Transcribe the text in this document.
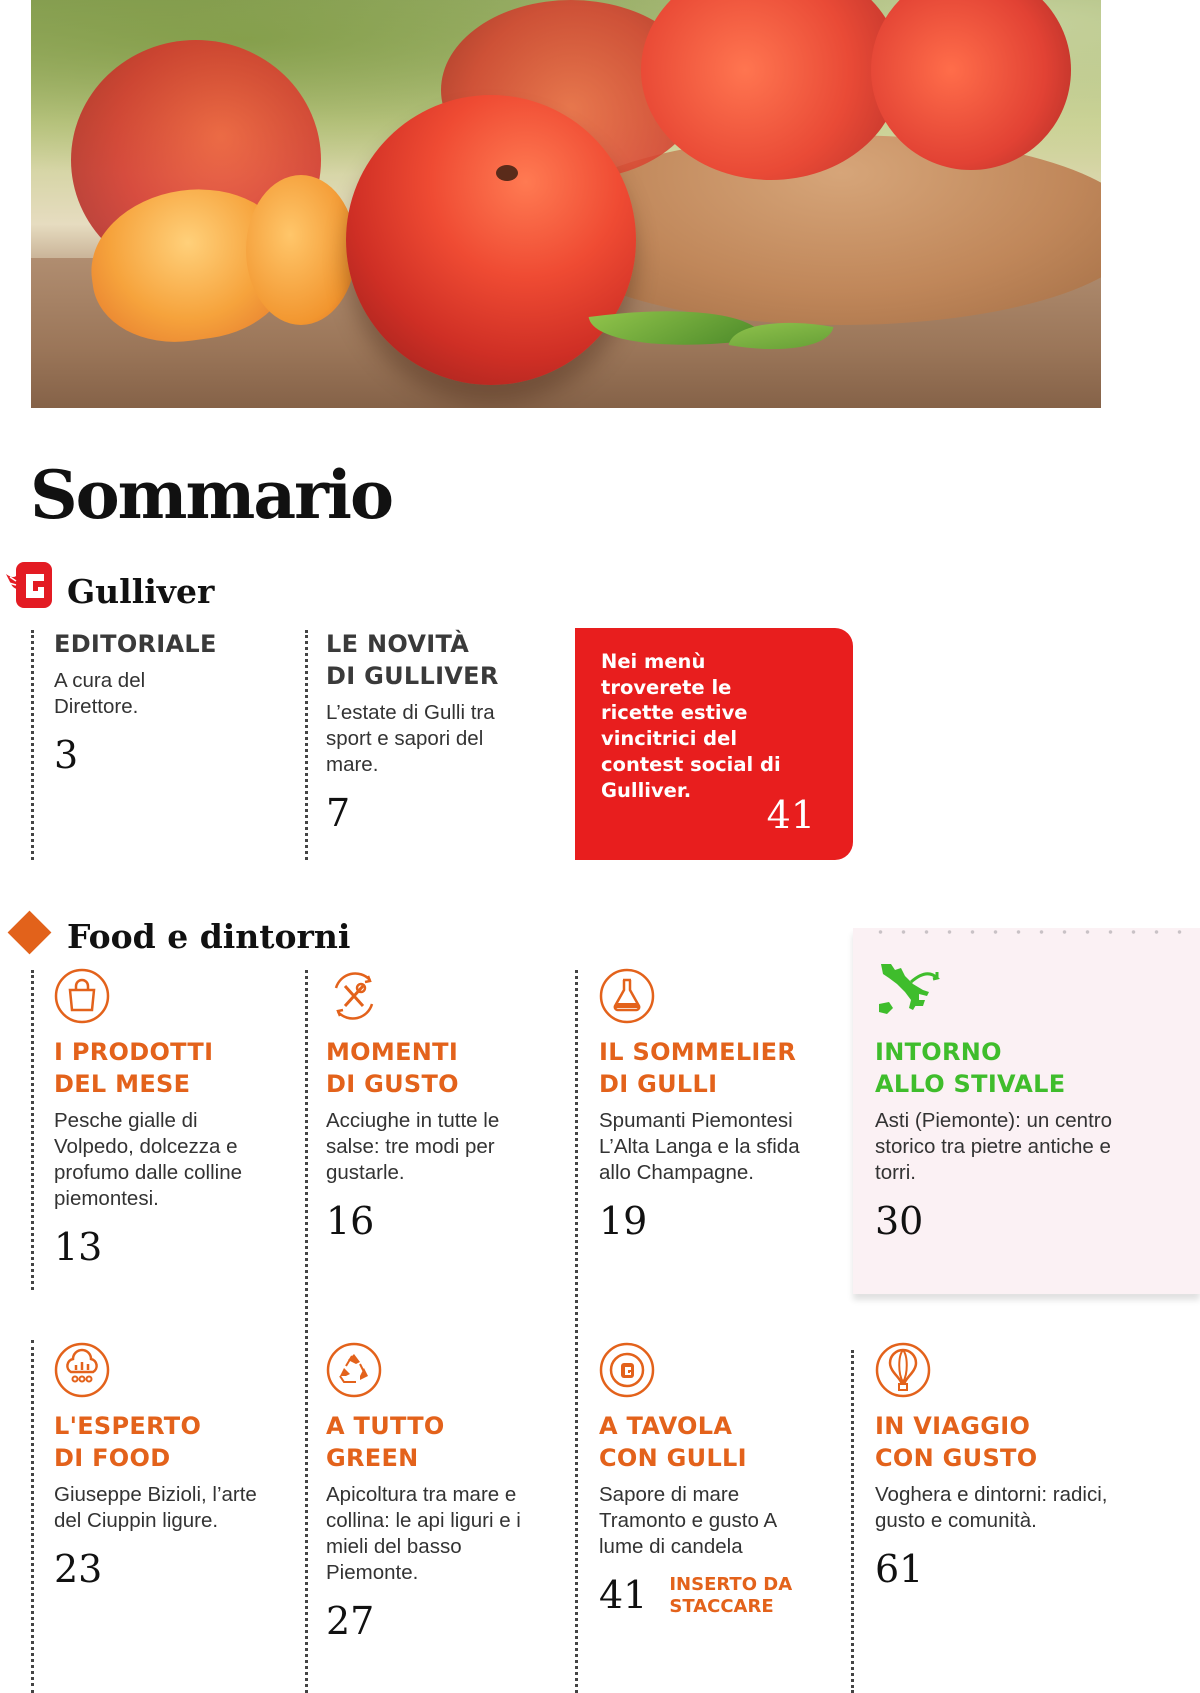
Sommario
Gulliver
EDITORIALE
A cura del Direttore.
3
LE NOVITÀ
DI GULLIVER
L’estate di Gulli tra sport e sapori del mare.
7
Nei menù troverete le ricette estive vincitrici del contest social di Gulliver.
41
Food e dintorni
I PRODOTTI
DEL MESE
Pesche gialle di Volpedo, dolcezza e profumo dalle colline piemontesi.
13
MOMENTI
DI GUSTO
Acciughe in tutte le salse: tre modi per gustarle.
16
IL SOMMELIER
DI GULLI
Spumanti Piemontesi L’Alta Langa e la sfida allo Champagne.
19
INTORNO
ALLO STIVALE
Asti (Piemonte): un centro storico tra pietre antiche e torri.
30
L'ESPERTO
DI FOOD
Giuseppe Bizioli, l’arte del Ciuppin ligure.
23
A TUTTO
GREEN
Apicoltura tra mare e collina: le api liguri e i mieli del basso Piemonte.
27
A TAVOLA
CON GULLI
Sapore di mare Tramonto e gusto A lume di candela
41 INSERTO DA STACCARE
IN VIAGGIO
CON GUSTO
Voghera e dintorni: radici, gusto e comunità.
61
